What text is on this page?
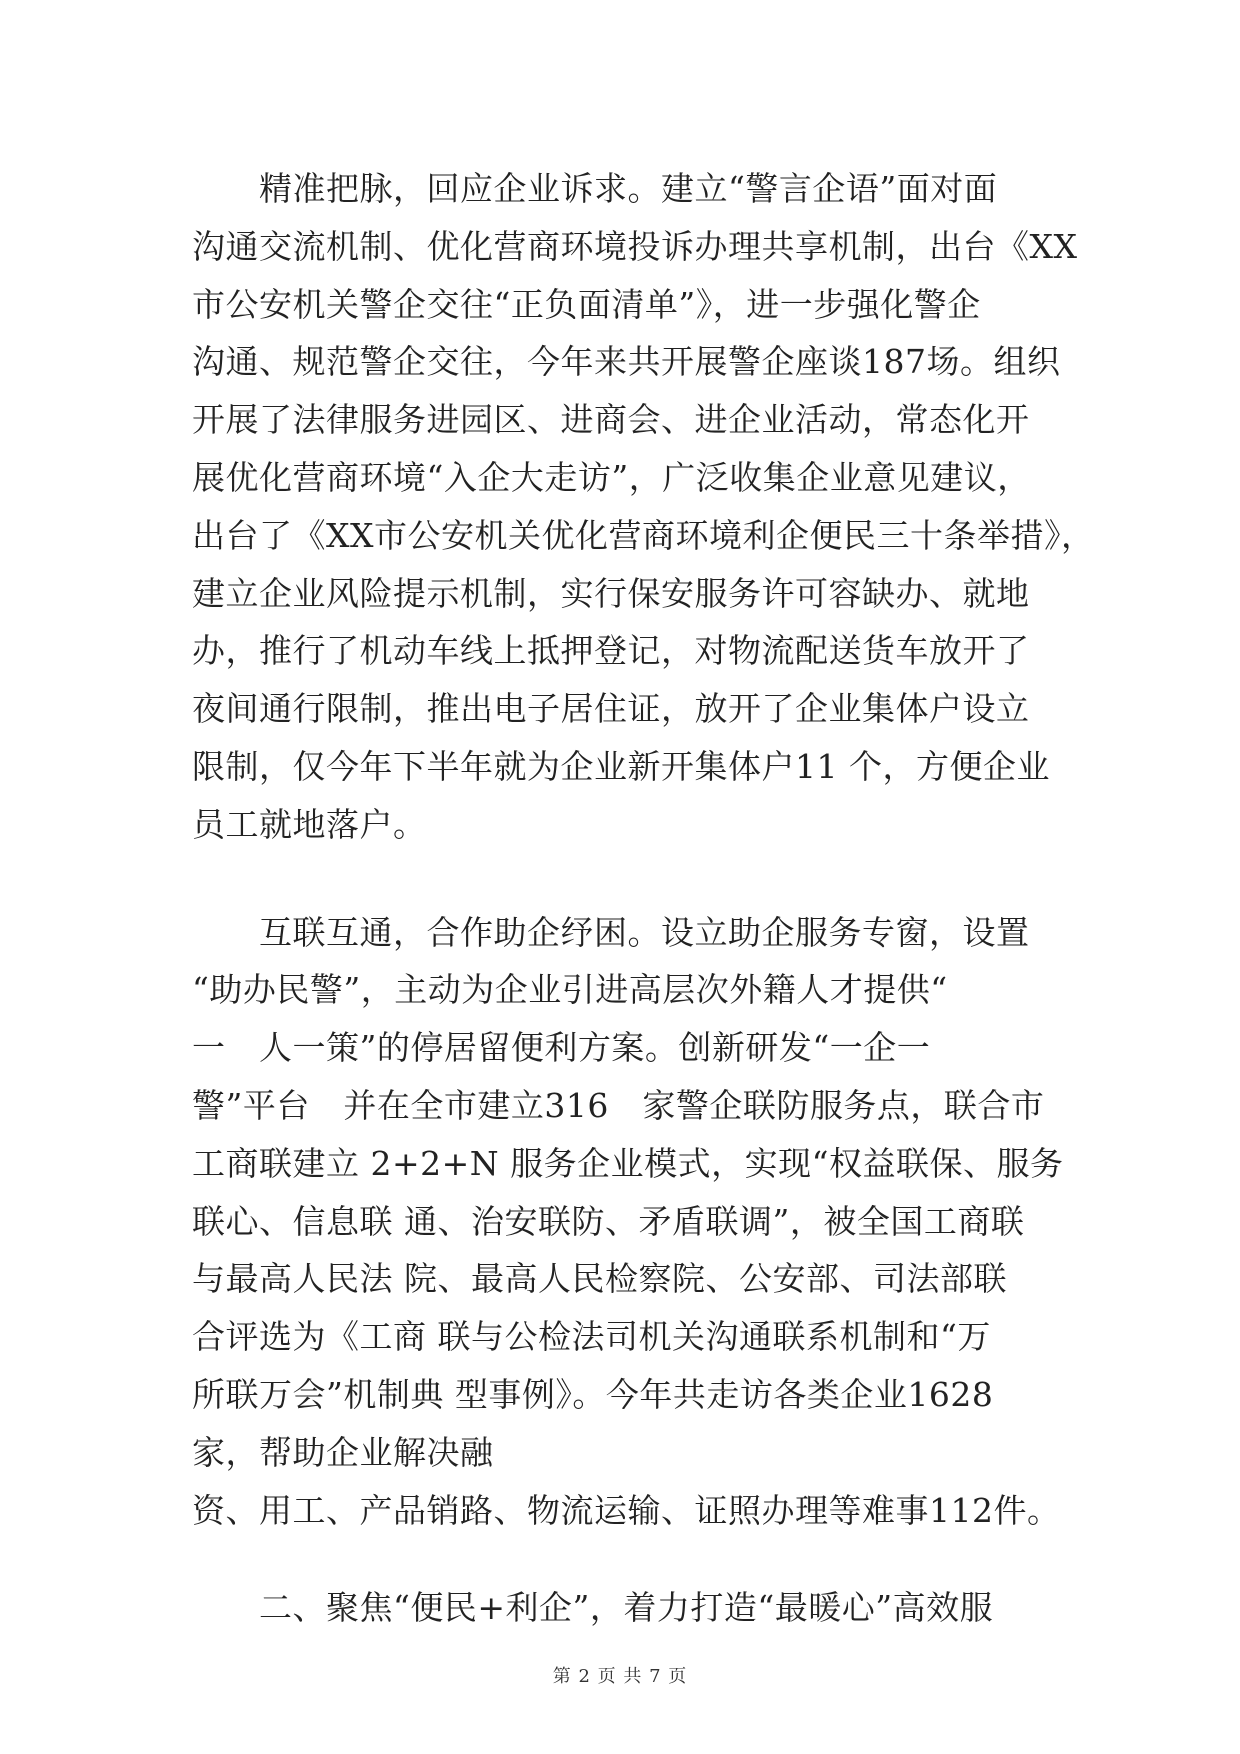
　　精准把脉，回应企业诉求。建立“警言企语”面对面
沟通交流机制、优化营商环境投诉办理共享机制，出台《XX
市公安机关警企交往“正负面清单”》，进一步强化警企
沟通、规范警企交往，今年来共开展警企座谈187场。组织
开展了法律服务进园区、进商会、进企业活动，常态化开
展优化营商环境“入企大走访”，广泛收集企业意见建议，
出台了《XX市公安机关优化营商环境利企便民三十条举措》，
建立企业风险提示机制，实行保安服务许可容缺办、就地
办，推行了机动车线上抵押登记，对物流配送货车放开了
夜间通行限制，推出电子居住证，放开了企业集体户设立
限制，仅今年下半年就为企业新开集体户11 个，方便企业
员工就地落户。
　　互联互通，合作助企纾困。设立助企服务专窗，设置
“助办民警”，主动为企业引进高层次外籍人才提供“
一　人一策”的停居留便利方案。创新研发“一企一
警”平台　并在全市建立316　家警企联防服务点，联合市
工商联建立 2+2+N 服务企业模式，实现“权益联保、服务
联心、信息联 通、治安联防、矛盾联调”，被全国工商联
与最高人民法 院、最高人民检察院、公安部、司法部联
合评选为《工商 联与公检法司机关沟通联系机制和“万
所联万会”机制典 型事例》。今年共走访各类企业1628
家，帮助企业解决融
资、用工、产品销路、物流运输、证照办理等难事112件。
　　二、聚焦“便民+利企”，着力打造“最暖心”高效服
第 2 页 共 7 页
